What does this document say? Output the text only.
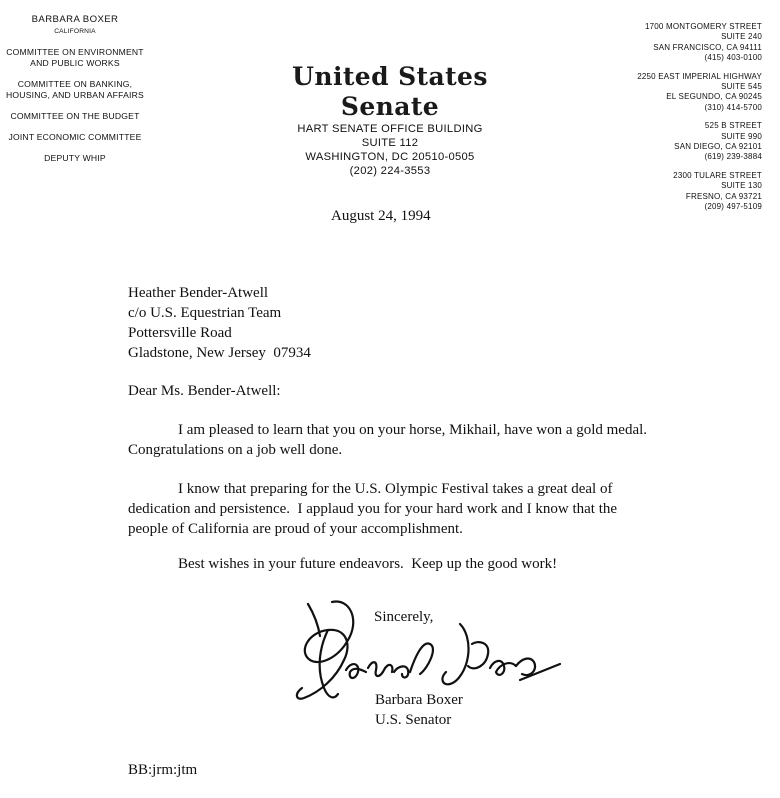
BARBARA BOXER
CALIFORNIA
COMMITTEE ON ENVIRONMENT
AND PUBLIC WORKS
COMMITTEE ON BANKING,
HOUSING, AND URBAN AFFAIRS
COMMITTEE ON THE BUDGET
JOINT ECONOMIC COMMITTEE
DEPUTY WHIP
United States Senate
HART SENATE OFFICE BUILDING
SUITE 112
WASHINGTON, DC 20510-0505
(202) 224-3553
1700 MONTGOMERY STREET
SUITE 240
SAN FRANCISCO, CA 94111
(415) 403-0100
2250 EAST IMPERIAL HIGHWAY
SUITE 545
EL SEGUNDO, CA 90245
(310) 414-5700
525 B STREET
SUITE 990
SAN DIEGO, CA 92101
(619) 239-3884
2300 TULARE STREET
SUITE 130
FRESNO, CA 93721
(209) 497-5109
August 24, 1994
Heather Bender-Atwell
c/o U.S. Equestrian Team
Pottersville Road
Gladstone, New Jersey  07934
Dear Ms. Bender-Atwell:
I am pleased to learn that you on your horse, Mikhail, have won a gold medal.  Congratulations on a job well done.
I know that preparing for the U.S. Olympic Festival takes a great deal of dedication and persistence.  I applaud you for your hard work and I know that the people of California are proud of your accomplishment.
Best wishes in your future endeavors.  Keep up the good work!
Sincerely,
Barbara Boxer
U.S. Senator
BB:jrm:jtm
